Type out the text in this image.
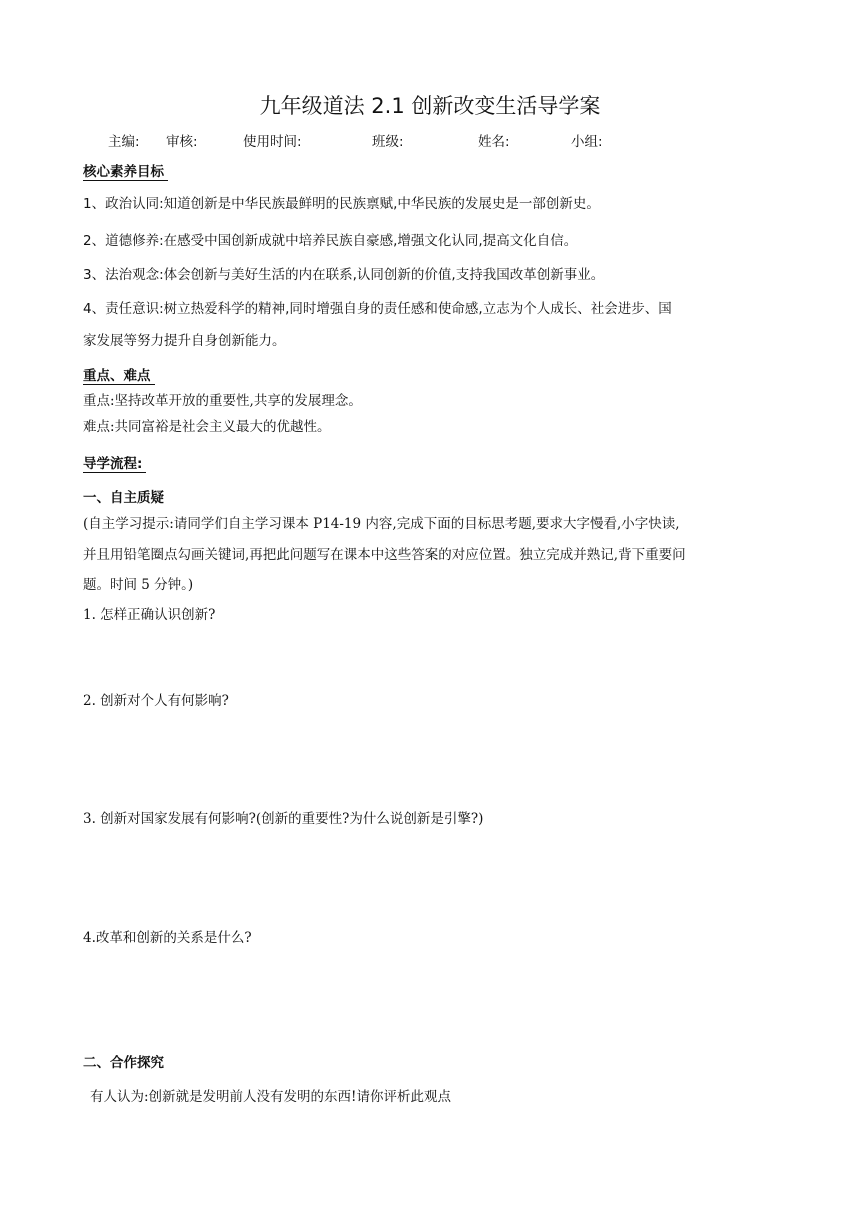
九年级道法 2.1 创新改变生活导学案
主编: 审核:	使用时间:	班级:	姓名:	小组:
核心素养目标
1、政治认同:知道创新是中华民族最鲜明的民族禀赋,中华民族的发展史是一部创新史。
2、道德修养:在感受中国创新成就中培养民族自豪感,增强文化认同,提高文化自信。
3、法治观念:体会创新与美好生活的内在联系,认同创新的价值,支持我国改革创新事业。
4、责任意识:树立热爱科学的精神,同时增强自身的责任感和使命感,立志为个人成长、社会进步、国
家发展等努力提升自身创新能力。
重点、难点
重点:坚持改革开放的重要性,共享的发展理念。
难点:共同富裕是社会主义最大的优越性。
导学流程:
一、自主质疑
(自主学习提示:请同学们自主学习课本 P14-19 内容,完成下面的目标思考题,要求大字慢看,小字快读,
并且用铅笔圈点勾画关键词,再把此问题写在课本中这些答案的对应位置。独立完成并熟记,背下重要问
题。时间 5 分钟。)
1. 怎样正确认识创新?
2. 创新对个人有何影响?
3. 创新对国家发展有何影响?(创新的重要性?为什么说创新是引擎?)
4.改革和创新的关系是什么?
二、合作探究
有人认为:创新就是发明前人没有发明的东西!请你评析此观点
